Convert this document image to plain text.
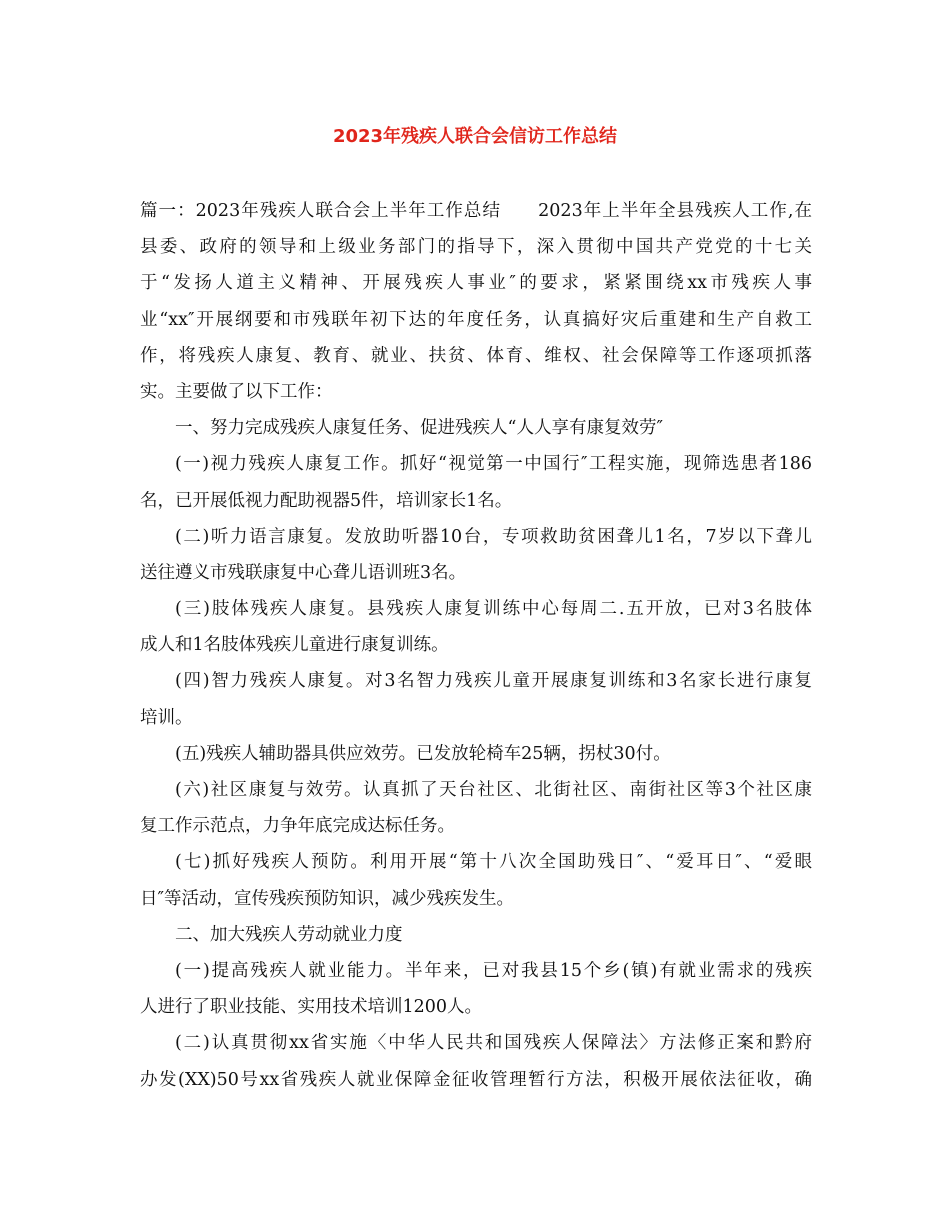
2023年残疾人联合会信访工作总结
篇一：2023年残疾人联合会上半年工作总结　　2023年上半年全县残疾人工作,在
县委、政府的领导和上级业务部门的指导下，深入贯彻中国共产党党的十七关
于“发扬人道主义精神、开展残疾人事业″的要求，紧紧围绕xx市残疾人事
业“xx″开展纲要和市残联年初下达的年度任务，认真搞好灾后重建和生产自救工
作，将残疾人康复、教育、就业、扶贫、体育、维权、社会保障等工作逐项抓落
实。主要做了以下工作：
一、努力完成残疾人康复任务、促进残疾人“人人享有康复效劳″
(一)视力残疾人康复工作。抓好“视觉第一中国行″工程实施，现筛选患者186
名，已开展低视力配助视器5件，培训家长1名。
(二)听力语言康复。发放助听器10台，专项救助贫困聋儿1名，7岁以下聋儿
送往遵义市残联康复中心聋儿语训班3名。
(三)肢体残疾人康复。县残疾人康复训练中心每周二.五开放，已对3名肢体
成人和1名肢体残疾儿童进行康复训练。
(四)智力残疾人康复。对3名智力残疾儿童开展康复训练和3名家长进行康复
培训。
(五)残疾人辅助器具供应效劳。已发放轮椅车25辆，拐杖30付。
(六)社区康复与效劳。认真抓了天台社区、北街社区、南街社区等3个社区康
复工作示范点，力争年底完成达标任务。
(七)抓好残疾人预防。利用开展“第十八次全国助残日″、“爱耳日″、“爱眼
日″等活动，宣传残疾预防知识，减少残疾发生。
二、加大残疾人劳动就业力度
(一)提高残疾人就业能力。半年来，已对我县15个乡(镇)有就业需求的残疾
人进行了职业技能、实用技术培训1200人。
(二)认真贯彻xx省实施〈中华人民共和国残疾人保障法〉方法修正案和黔府
办发(XX)50号xx省残疾人就业保障金征收管理暂行方法，积极开展依法征收，确
